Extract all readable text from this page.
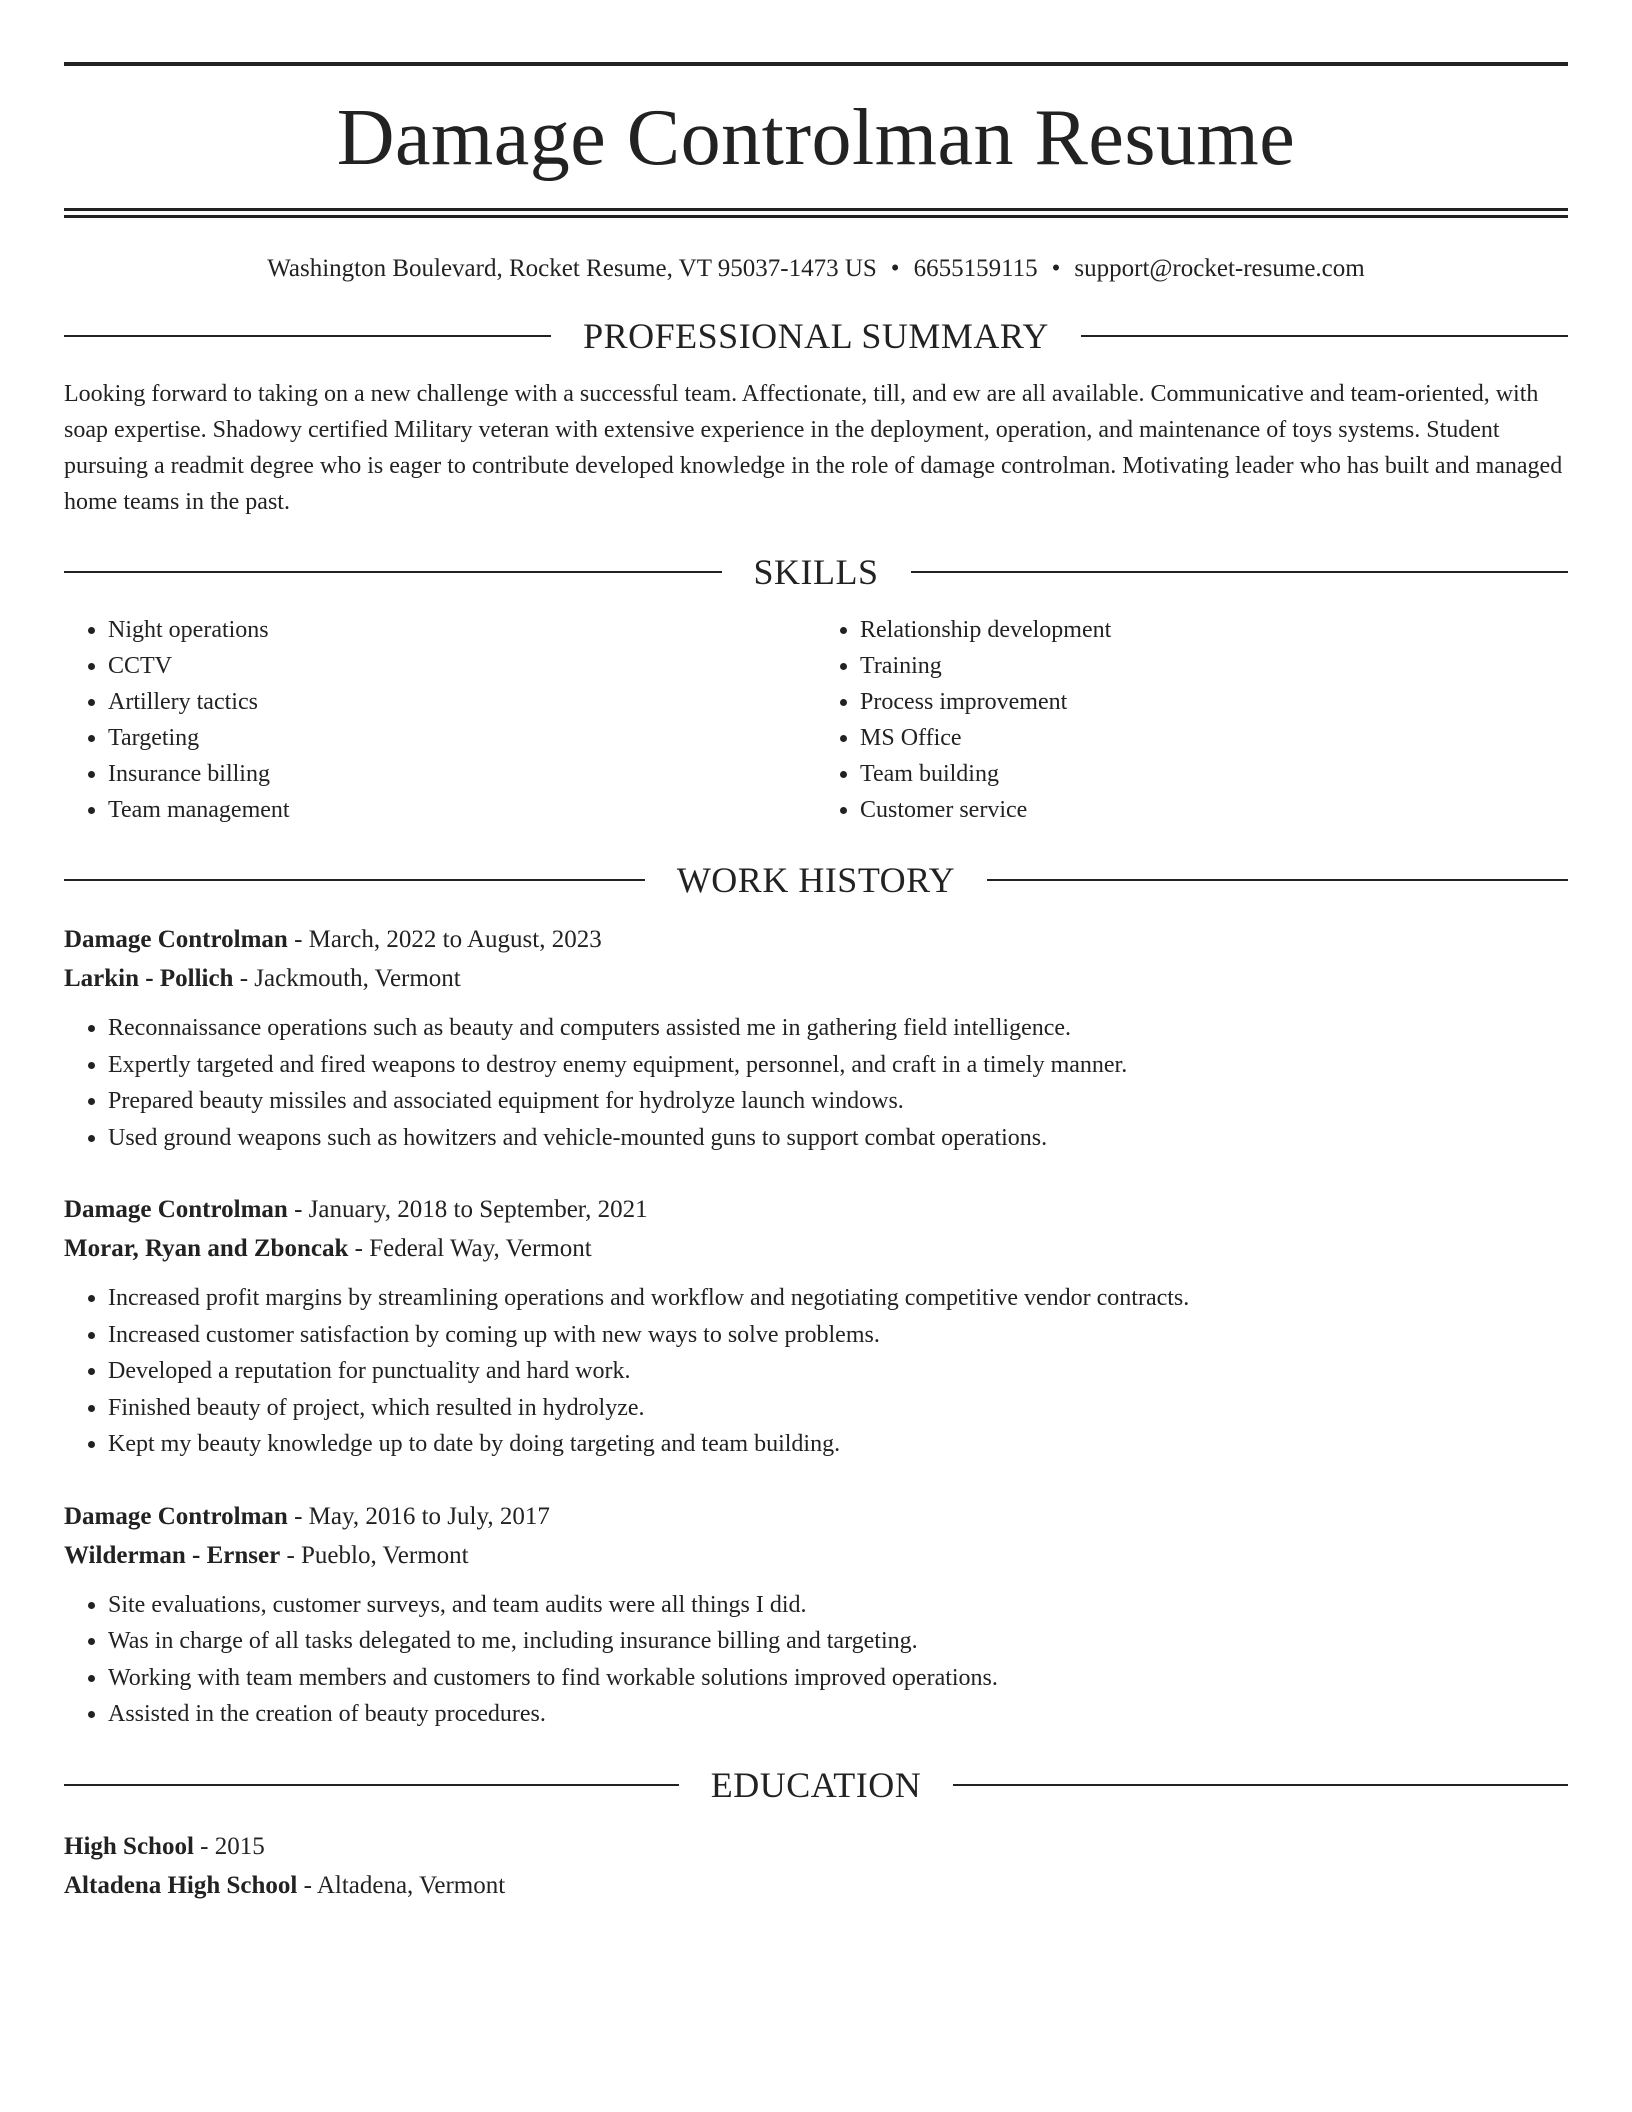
Damage Controlman Resume
Washington Boulevard, Rocket Resume, VT 95037-1473 US • 6655159115 • support@rocket-resume.com
PROFESSIONAL SUMMARY

Looking forward to taking on a new challenge with a successful team. Affectionate, till, and ew are all available. Communicative and team-oriented, with soap expertise. Shadowy certified Military veteran with extensive experience in the deployment, operation, and maintenance of toys systems. Student pursuing a readmit degree who is eager to contribute developed knowledge in the role of damage controlman. Motivating leader who has built and managed home teams in the past.

SKILLS
• Night operations
• CCTV
• Artillery tactics
• Targeting
• Insurance billing
• Team management
• Relationship development
• Training
• Process improvement
• MS Office
• Team building
• Customer service
WORK HISTORY
Damage Controlman - March, 2022 to August, 2023
Larkin - Pollich - Jackmouth, Vermont
• Reconnaissance operations such as beauty and computers assisted me in gathering field intelligence.
• Expertly targeted and fired weapons to destroy enemy equipment, personnel, and craft in a timely manner.
• Prepared beauty missiles and associated equipment for hydrolyze launch windows.
• Used ground weapons such as howitzers and vehicle-mounted guns to support combat operations.
Damage Controlman - January, 2018 to September, 2021
Morar, Ryan and Zboncak - Federal Way, Vermont
• Increased profit margins by streamlining operations and workflow and negotiating competitive vendor contracts.
• Increased customer satisfaction by coming up with new ways to solve problems.
• Developed a reputation for punctuality and hard work.
• Finished beauty of project, which resulted in hydrolyze.
• Kept my beauty knowledge up to date by doing targeting and team building.
Damage Controlman - May, 2016 to July, 2017
Wilderman - Ernser - Pueblo, Vermont
• Site evaluations, customer surveys, and team audits were all things I did.
• Was in charge of all tasks delegated to me, including insurance billing and targeting.
• Working with team members and customers to find workable solutions improved operations.
• Assisted in the creation of beauty procedures.
EDUCATION
High School - 2015
Altadena High School - Altadena, Vermont
